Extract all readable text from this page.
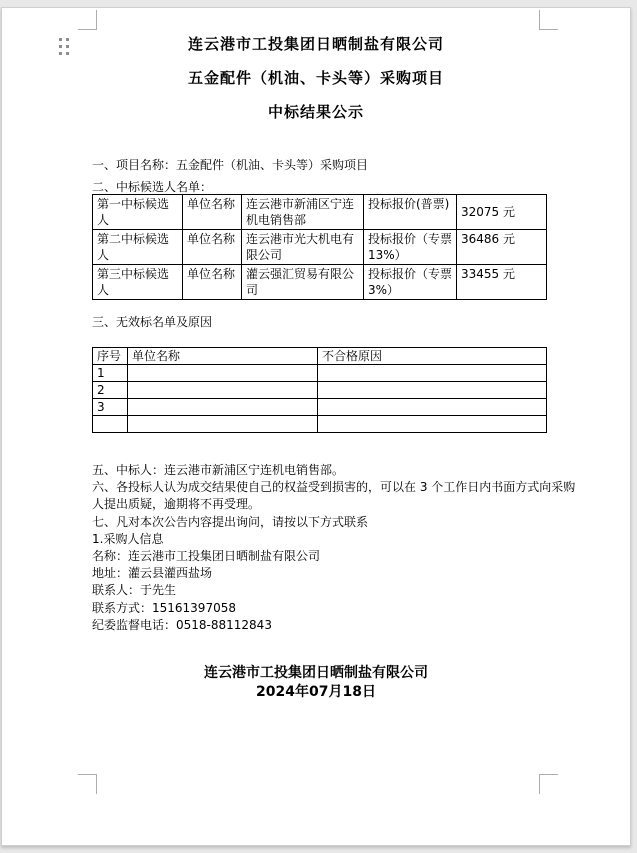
连云港市工投集团日晒制盐有限公司
五金配件（机油、卡头等）采购项目
中标结果公示
一、项目名称：五金配件（机油、卡头等）采购项目
二、中标候选人名单：
第一中标候选人	单位名称	连云港市新浦区宁连机电销售部	投标报价(普票)	32075 元
第二中标候选人	单位名称	连云港市光大机电有限公司	投标报价（专票13%）	36486 元
第三中标候选人	单位名称	灌云强汇贸易有限公司	投标报价（专票3%）	33455 元
三、无效标名单及原因
序号	单位名称	不合格原因
1		
2		
3		

五、中标人：连云港市新浦区宁连机电销售部。
六、各投标人认为成交结果使自己的权益受到损害的，可以在 3 个工作日内书面方式向采购
人提出质疑，逾期将不再受理。
七、凡对本次公告内容提出询问，请按以下方式联系
1.采购人信息
名称：连云港市工投集团日晒制盐有限公司
地址：灌云县灌西盐场
联系人：于先生
联系方式：15161397058
纪委监督电话：0518-88112843
连云港市工投集团日晒制盐有限公司
2024年07月18日
